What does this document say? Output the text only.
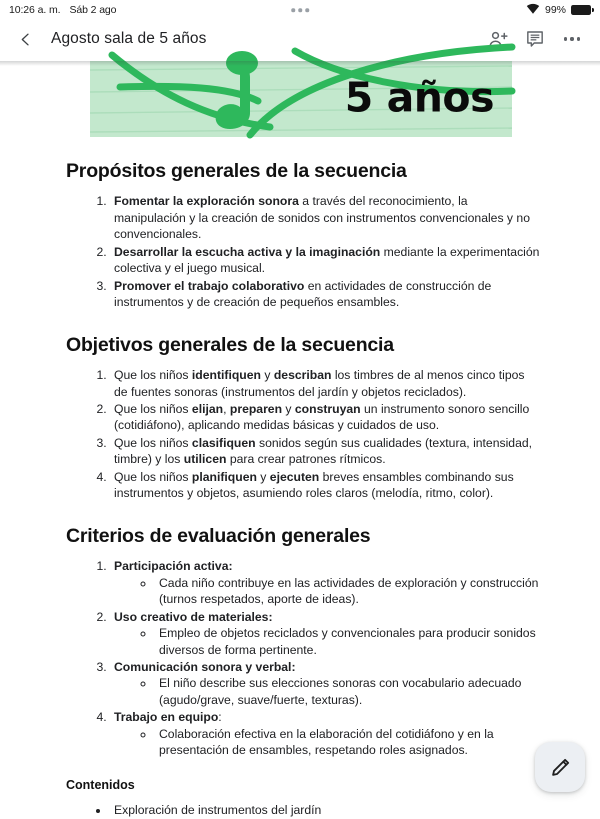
10:26 a. m. Sáb 2 ago	99%
Agosto sala de 5 años
5 años
Propósitos generales de la secuencia
1. Fomentar la exploración sonora a través del reconocimiento, la manipulación y la creación de sonidos con instrumentos convencionales y no convencionales.
2. Desarrollar la escucha activa y la imaginación mediante la experimentación colectiva y el juego musical.
3. Promover el trabajo colaborativo en actividades de construcción de instrumentos y de creación de pequeños ensambles.
Objetivos generales de la secuencia
1. Que los niños identifiquen y describan los timbres de al menos cinco tipos de fuentes sonoras (instrumentos del jardín y objetos reciclados).
2. Que los niños elijan, preparen y construyan un instrumento sonoro sencillo (cotidiáfono), aplicando medidas básicas y cuidados de uso.
3. Que los niños clasifiquen sonidos según sus cualidades (textura, intensidad, timbre) y los utilicen para crear patrones rítmicos.
4. Que los niños planifiquen y ejecuten breves ensambles combinando sus instrumentos y objetos, asumiendo roles claros (melodía, ritmo, color).
Criterios de evaluación generales
1. Participación activa:
◦ Cada niño contribuye en las actividades de exploración y construcción (turnos respetados, aporte de ideas).
2. Uso creativo de materiales:
◦ Empleo de objetos reciclados y convencionales para producir sonidos diversos de forma pertinente.
3. Comunicación sonora y verbal:
◦ El niño describe sus elecciones sonoras con vocabulario adecuado (agudo/grave, suave/fuerte, texturas).
4. Trabajo en equipo:
◦ Colaboración efectiva en la elaboración del cotidiáfono y en la presentación de ensambles, respetando roles asignados.
Contenidos
• Exploración de instrumentos del jardín
